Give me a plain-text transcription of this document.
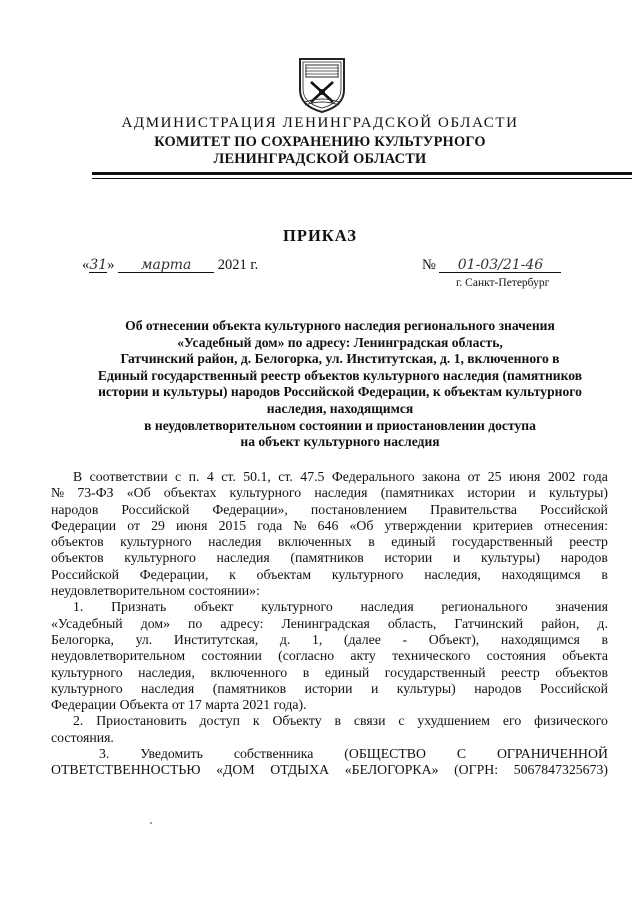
АДМИНИСТРАЦИЯ ЛЕНИНГРАДСКОЙ ОБЛАСТИ
КОМИТЕТ ПО СОХРАНЕНИЮ КУЛЬТУРНОГО
ЛЕНИНГРАДСКОЙ ОБЛАСТИ
ПРИКАЗ
«31» марта 2021 г.	№ 01-03/21-46
г. Санкт-Петербург
Об отнесении объекта культурного наследия регионального значения
«Усадебный дом» по адресу: Ленинградская область,
Гатчинский район, д. Белогорка, ул. Институтская, д. 1, включенного в
Единый государственный реестр объектов культурного наследия (памятников
истории и культуры) народов Российской Федерации, к объектам культурного
наследия, находящимся
в неудовлетворительном состоянии и приостановлении доступа
на объект культурного наследия
В соответствии с п. 4 ст. 50.1, ст. 47.5 Федерального закона от 25 июня 2002 года
№ 73-ФЗ «Об объектах культурного наследия (памятниках истории и культуры)
народов Российской Федерации», постановлением Правительства Российской
Федерации от 29 июня 2015 года № 646 «Об утверждении критериев отнесения:
объектов культурного наследия включенных в единый государственный реестр
объектов культурного наследия (памятников истории и культуры) народов
Российской Федерации, к объектам культурного наследия, находящимся в
неудовлетворительном состоянии»:
1. Признать объект культурного наследия регионального значения
«Усадебный дом» по адресу: Ленинградская область, Гатчинский район, д.
Белогорка, ул. Институтская, д. 1, (далее - Объект), находящимся в
неудовлетворительном состоянии (согласно акту технического состояния объекта
культурного наследия, включенного в единый государственный реестр объектов
культурного наследия (памятников истории и культуры) народов Российской
Федерации Объекта от 17 марта 2021 года).
2. Приостановить доступ к Объекту в связи с ухудшением его физического
состояния.
3. Уведомить собственника (ОБЩЕСТВО С ОГРАНИЧЕННОЙ
ОТВЕТСТВЕННОСТЬЮ «ДОМ ОТДЫХА «БЕЛОГОРКА» (ОГРН: 5067847325673)
